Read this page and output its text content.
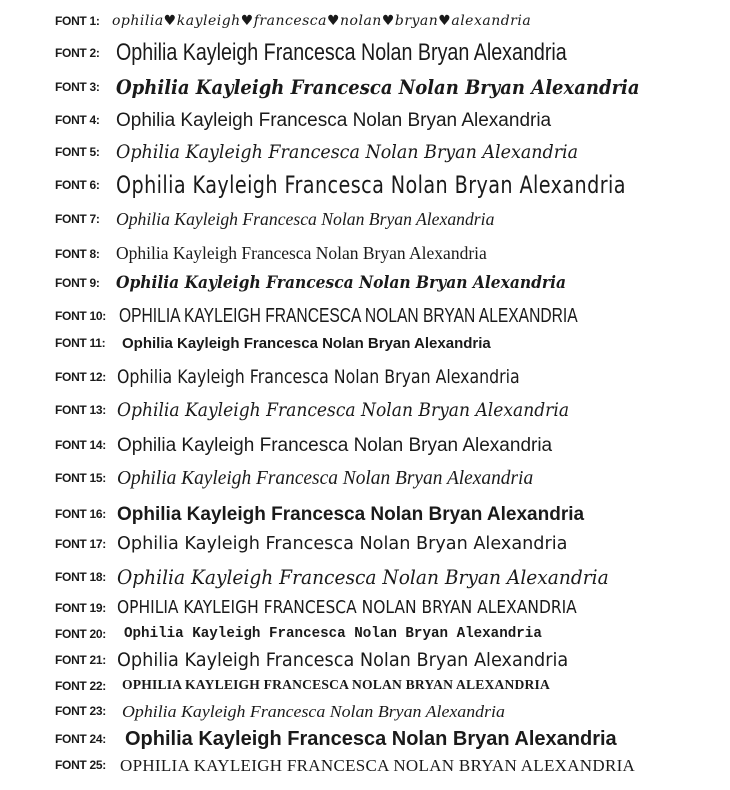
FONT 1: ophilia♥kayleigh♥francesca♥nolan♥bryan♥alexandria
FONT 2: Ophilia Kayleigh Francesca Nolan Bryan Alexandria
FONT 3: Ophilia Kayleigh Francesca Nolan Bryan Alexandria
FONT 4: Ophilia Kayleigh Francesca Nolan Bryan Alexandria
FONT 5: Ophilia Kayleigh Francesca Nolan Bryan Alexandria
FONT 6: Ophilia Kayleigh Francesca Nolan Bryan Alexandria
FONT 7: Ophilia Kayleigh Francesca Nolan Bryan Alexandria
FONT 8: Ophilia Kayleigh Francesca Nolan Bryan Alexandria
FONT 9: Ophilia Kayleigh Francesca Nolan Bryan Alexandria
FONT 10: OPHILIA KAYLEIGH FRANCESCA NOLAN BRYAN ALEXANDRIA
FONT 11: Ophilia Kayleigh Francesca Nolan Bryan Alexandria
FONT 12: Ophilia Kayleigh Francesca Nolan Bryan Alexandria
FONT 13: Ophilia Kayleigh Francesca Nolan Bryan Alexandria
FONT 14: Ophilia Kayleigh Francesca Nolan Bryan Alexandria
FONT 15: Ophilia Kayleigh Francesca Nolan Bryan Alexandria
FONT 16: Ophilia Kayleigh Francesca Nolan Bryan Alexandria
FONT 17: Ophilia Kayleigh Francesca Nolan Bryan Alexandria
FONT 18: Ophilia Kayleigh Francesca Nolan Bryan Alexandria
FONT 19: OPHILIA KAYLEIGH FRANCESCA NOLAN BRYAN ALEXANDRIA
FONT 20: Ophilia Kayleigh Francesca Nolan Bryan Alexandria
FONT 21: Ophilia Kayleigh Francesca Nolan Bryan Alexandria
FONT 22: OPHILIA KAYLEIGH FRANCESCA NOLAN BRYAN ALEXANDRIA
FONT 23: Ophilia Kayleigh Francesca Nolan Bryan Alexandria
FONT 24: Ophilia Kayleigh Francesca Nolan Bryan Alexandria
FONT 25: OPHILIA KAYLEIGH FRANCESCA NOLAN BRYAN ALEXANDRIA
